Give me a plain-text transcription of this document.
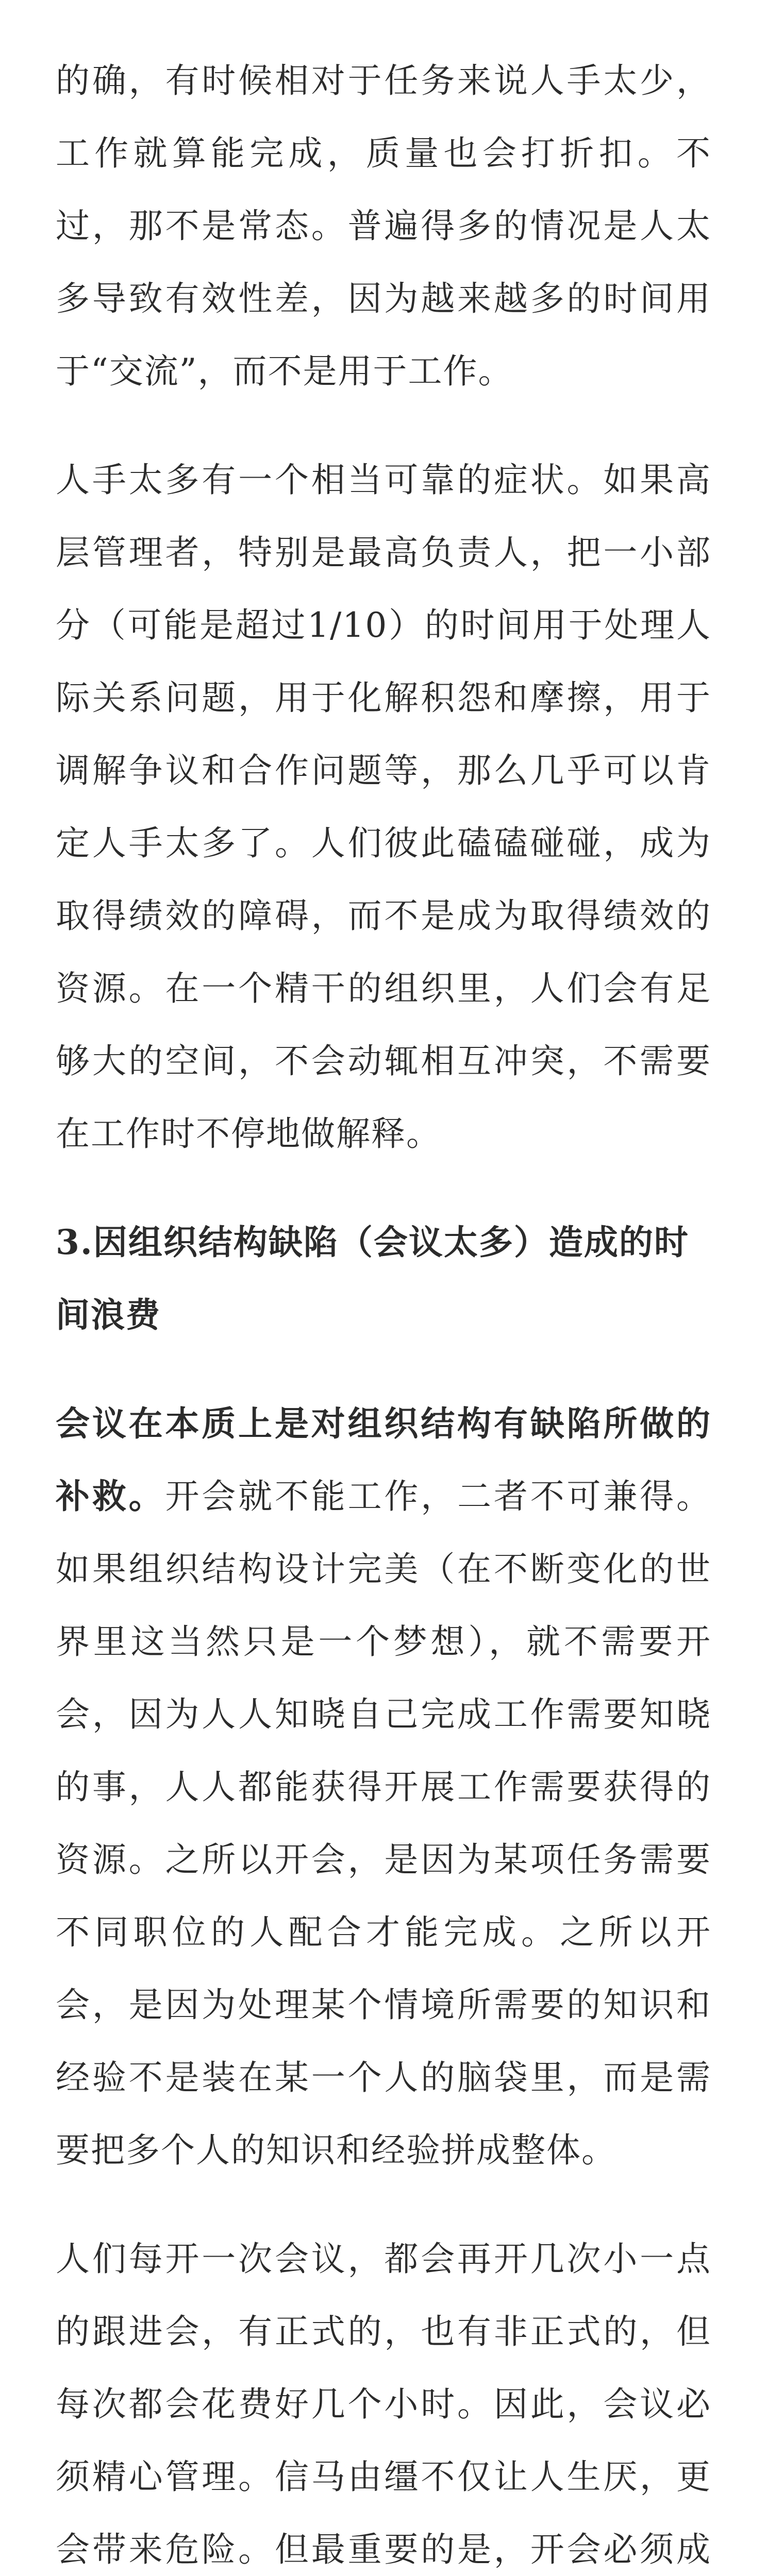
的确，有时候相对于任务来说人手太少，工作就算能完成，质量也会打折扣。不过，那不是常态。普遍得多的情况是人太多导致有效性差，因为越来越多的时间用于“交流”，而不是用于工作。

人手太多有一个相当可靠的症状。如果高层管理者，特别是最高负责人，把一小部分（可能是超过1/10）的时间用于处理人际关系问题，用于化解积怨和摩擦，用于调解争议和合作问题等，那么几乎可以肯定人手太多了。人们彼此磕磕碰碰，成为取得绩效的障碍，而不是成为取得绩效的资源。在一个精干的组织里，人们会有足够大的空间，不会动辄相互冲突，不需要在工作时不停地做解释。

3.因组织结构缺陷（会议太多）造成的时间浪费

会议在本质上是对组织结构有缺陷所做的补救。开会就不能工作，二者不可兼得。如果组织结构设计完美（在不断变化的世界里这当然只是一个梦想），就不需要开会，因为人人知晓自己完成工作需要知晓的事，人人都能获得开展工作需要获得的资源。之所以开会，是因为某项任务需要不同职位的人配合才能完成。之所以开会，是因为处理某个情境所需要的知识和经验不是装在某一个人的脑袋里，而是需要把多个人的知识和经验拼成整体。

人们每开一次会议，都会再开几次小一点的跟进会，有正式的，也有非正式的，但每次都会花费好几个小时。因此，会议必须精心管理。信马由缰不仅让人生厌，更会带来危险。但最重要的是，开会必须成
